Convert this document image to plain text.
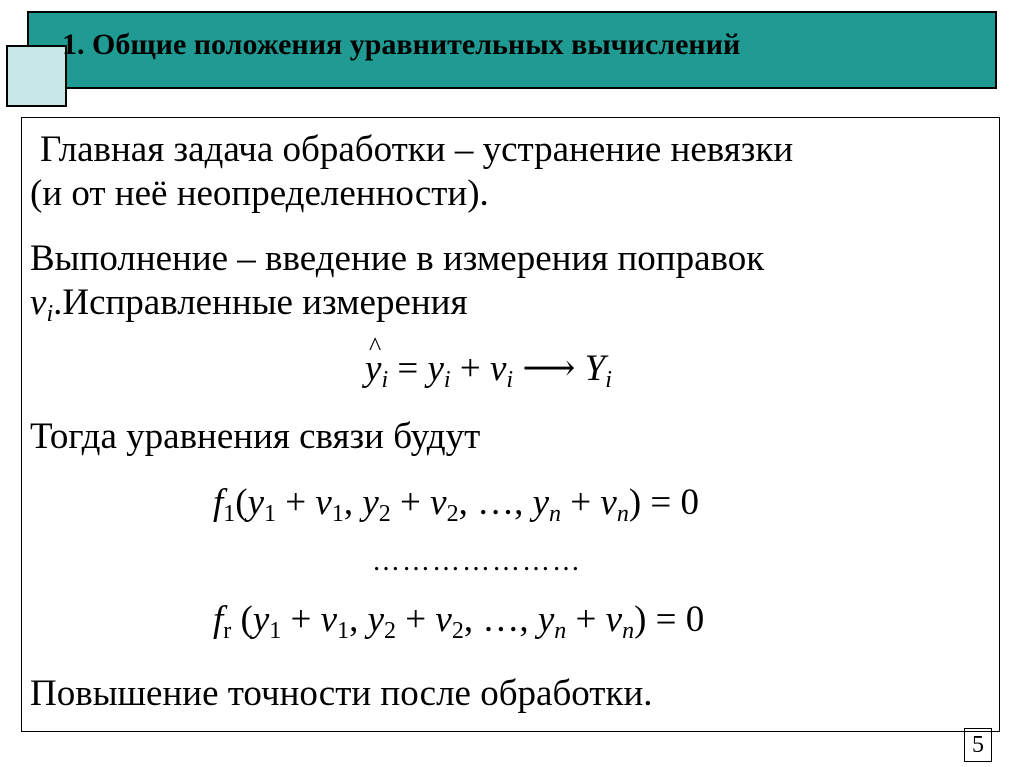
1. Общие положения уравнительных вычислений
Главная задача обработки – устранение невязки
(и от неё неопределенности).
Выполнение – введение в измерения поправок
$v_i.Исправленные$ измерения
y $\^{}_i = y_i + v_i$ ⟶ $Y_i$
Тогда уравнения связи будут
$f_1(y_1 + v_1$, $y_2 + v_2$, …, $y_n + v_n) = 0$
…………………
$f_r$ ($y_1 + v_1$, $y_2 + v_2$, …, $y_n + v_n) = 0$
Повышение точности после обработки.
5
